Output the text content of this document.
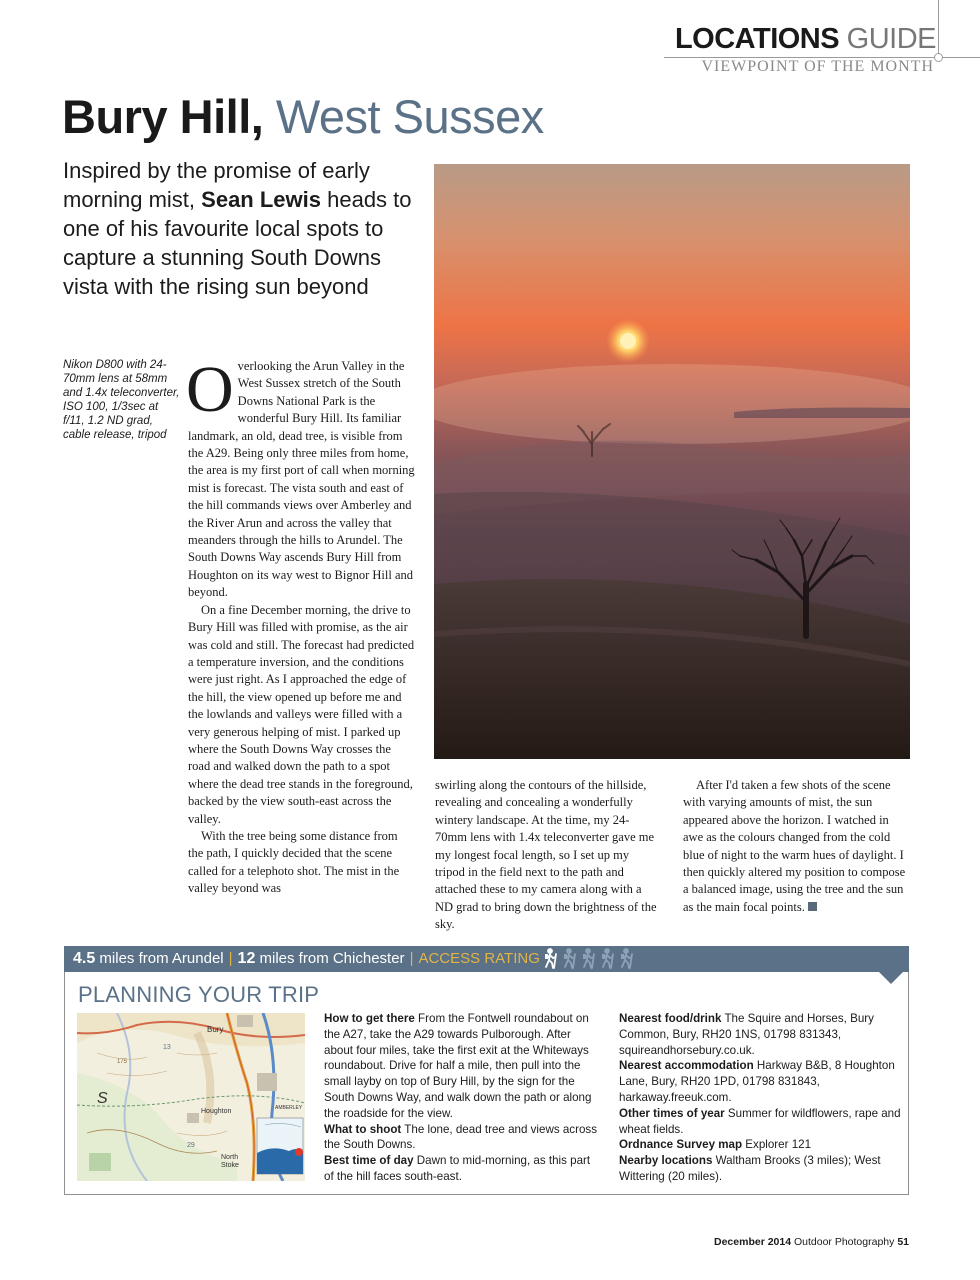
LOCATIONS GUIDE
VIEWPOINT OF THE MONTH
Bury Hill, West Sussex
Inspired by the promise of early morning mist, Sean Lewis heads to one of his favourite local spots to capture a stunning South Downs vista with the rising sun beyond
Nikon D800 with 24-70mm lens at 58mm and 1.4x teleconverter, ISO 100, 1/3sec at f/11, 1.2 ND grad, cable release, tripod

Overlooking the Arun Valley in the West Sussex stretch of the South Downs National Park is the wonderful Bury Hill. Its familiar landmark, an old, dead tree, is visible from the A29. Being only three miles from home, the area is my first port of call when morning mist is forecast. The vista south and east of the hill commands views over Amberley and the River Arun and across the valley that meanders through the hills to Arundel. The South Downs Way ascends Bury Hill from Houghton on its way west to Bignor Hill and beyond.

On a fine December morning, the drive to Bury Hill was filled with promise, as the air was cold and still. The forecast had predicted a temperature inversion, and the conditions were just right. As I approached the edge of the hill, the view opened up before me and the lowlands and valleys were filled with a very generous helping of mist. I parked up where the South Downs Way crosses the road and walked down the path to a spot where the dead tree stands in the foreground, backed by the view south-east across the valley.

With the tree being some distance from the path, I quickly decided that the scene called for a telephoto shot. The mist in the valley beyond was

swirling along the contours of the hillside, revealing and concealing a wonderfully wintery landscape. At the time, my 24-70mm lens with 1.4x teleconverter gave me my longest focal length, so I set up my tripod in the field next to the path and attached these to my camera along with a ND grad to bring down the brightness of the sky.

After I'd taken a few shots of the scene with varying amounts of mist, the sun appeared above the horizon. I watched in awe as the colours changed from the cold blue of night to the warm hues of daylight. I then quickly altered my position to compose a balanced image, using the tree and the sun as the main focal points.

4.5 miles from Arundel | 12 miles from Chichester | ACCESS RATING
PLANNING YOUR TRIP
Bury
S
Houghton
North
Stoke
AMBERLEY
13
175
29

How to get there From the Fontwell roundabout on the A27, take the A29 towards Pulborough. After about four miles, take the first exit at the Whiteways roundabout. Drive for half a mile, then pull into the small layby on top of Bury Hill, by the sign for the South Downs Way, and walk down the path or along the roadside for the view.

What to shoot The lone, dead tree and views across the South Downs.

Best time of day Dawn to mid-morning, as this part of the hill faces south-east.

Nearest food/drink The Squire and Horses, Bury Common, Bury, RH20 1NS, 01798 831343, squireandhorsebury.co.uk.

Nearest accommodation Harkway B&B, 8 Houghton Lane, Bury, RH20 1PD, 01798 831843, harkaway.freeuk.com.

Other times of year Summer for wildflowers, rape and wheat fields.

Ordnance Survey map Explorer 121

Nearby locations Waltham Brooks (3 miles); West Wittering (20 miles).

December 2014 Outdoor Photography 51
